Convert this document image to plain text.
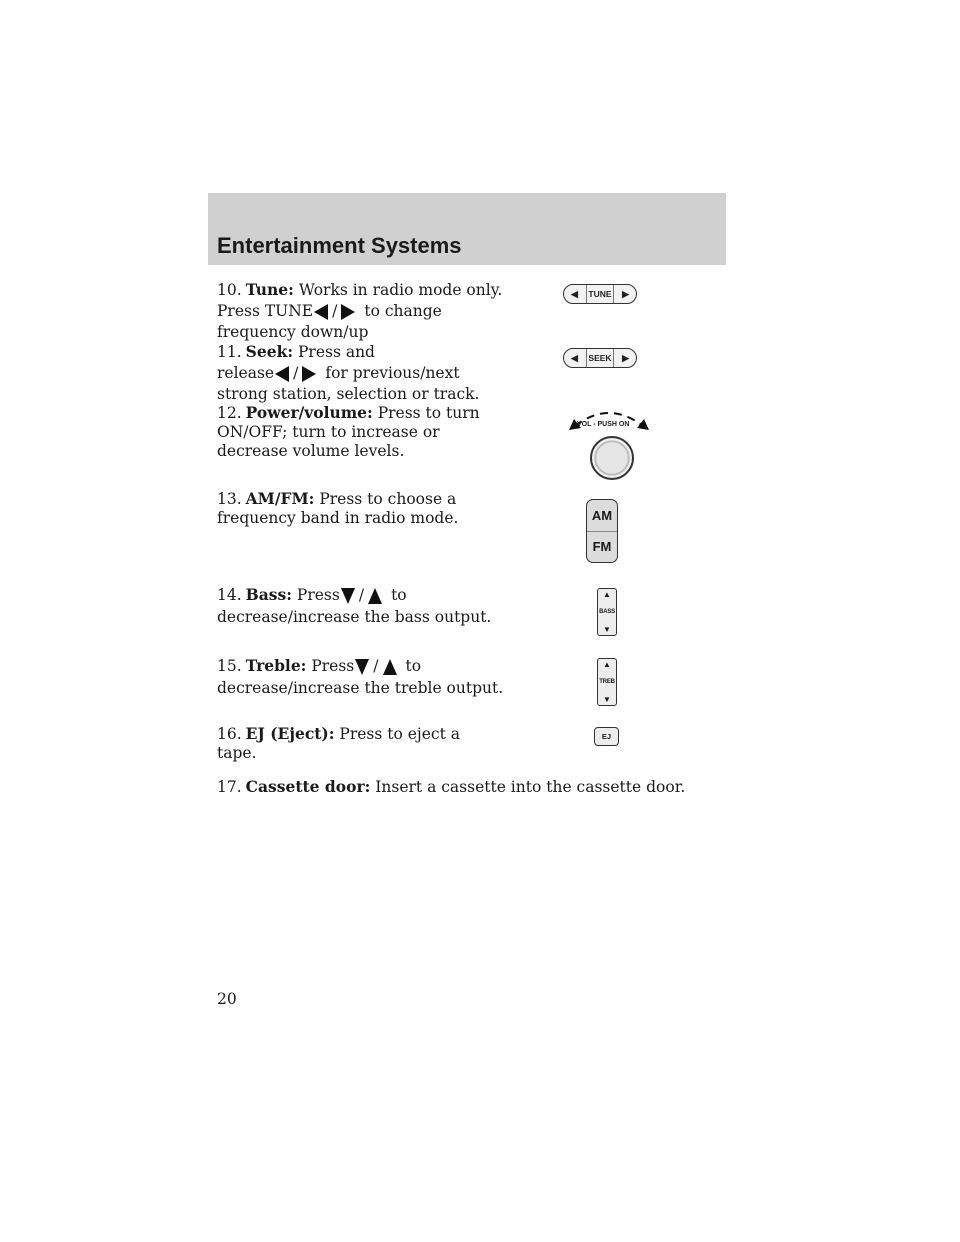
Entertainment Systems
10. Tune: Works in radio mode only.
Press TUNE / to change
frequency down/up
11. Seek: Press and
release / for previous/next
strong station, selection or track.
12. Power/volume: Press to turn
ON/OFF; turn to increase or
decrease volume levels.
13. AM/FM: Press to choose a
frequency band in radio mode.
14. Bass: Press / to
decrease/increase the bass output.
15. Treble: Press / to
decrease/increase the treble output.
16. EJ (Eject): Press to eject a
tape.
17. Cassette door: Insert a cassette into the cassette door.
◀ TUNE ▶
◀ SEEK ▶
VOL - PUSH ON
AM
FM
▲
BASS
▼
▲
TREB
▼
EJ
20
